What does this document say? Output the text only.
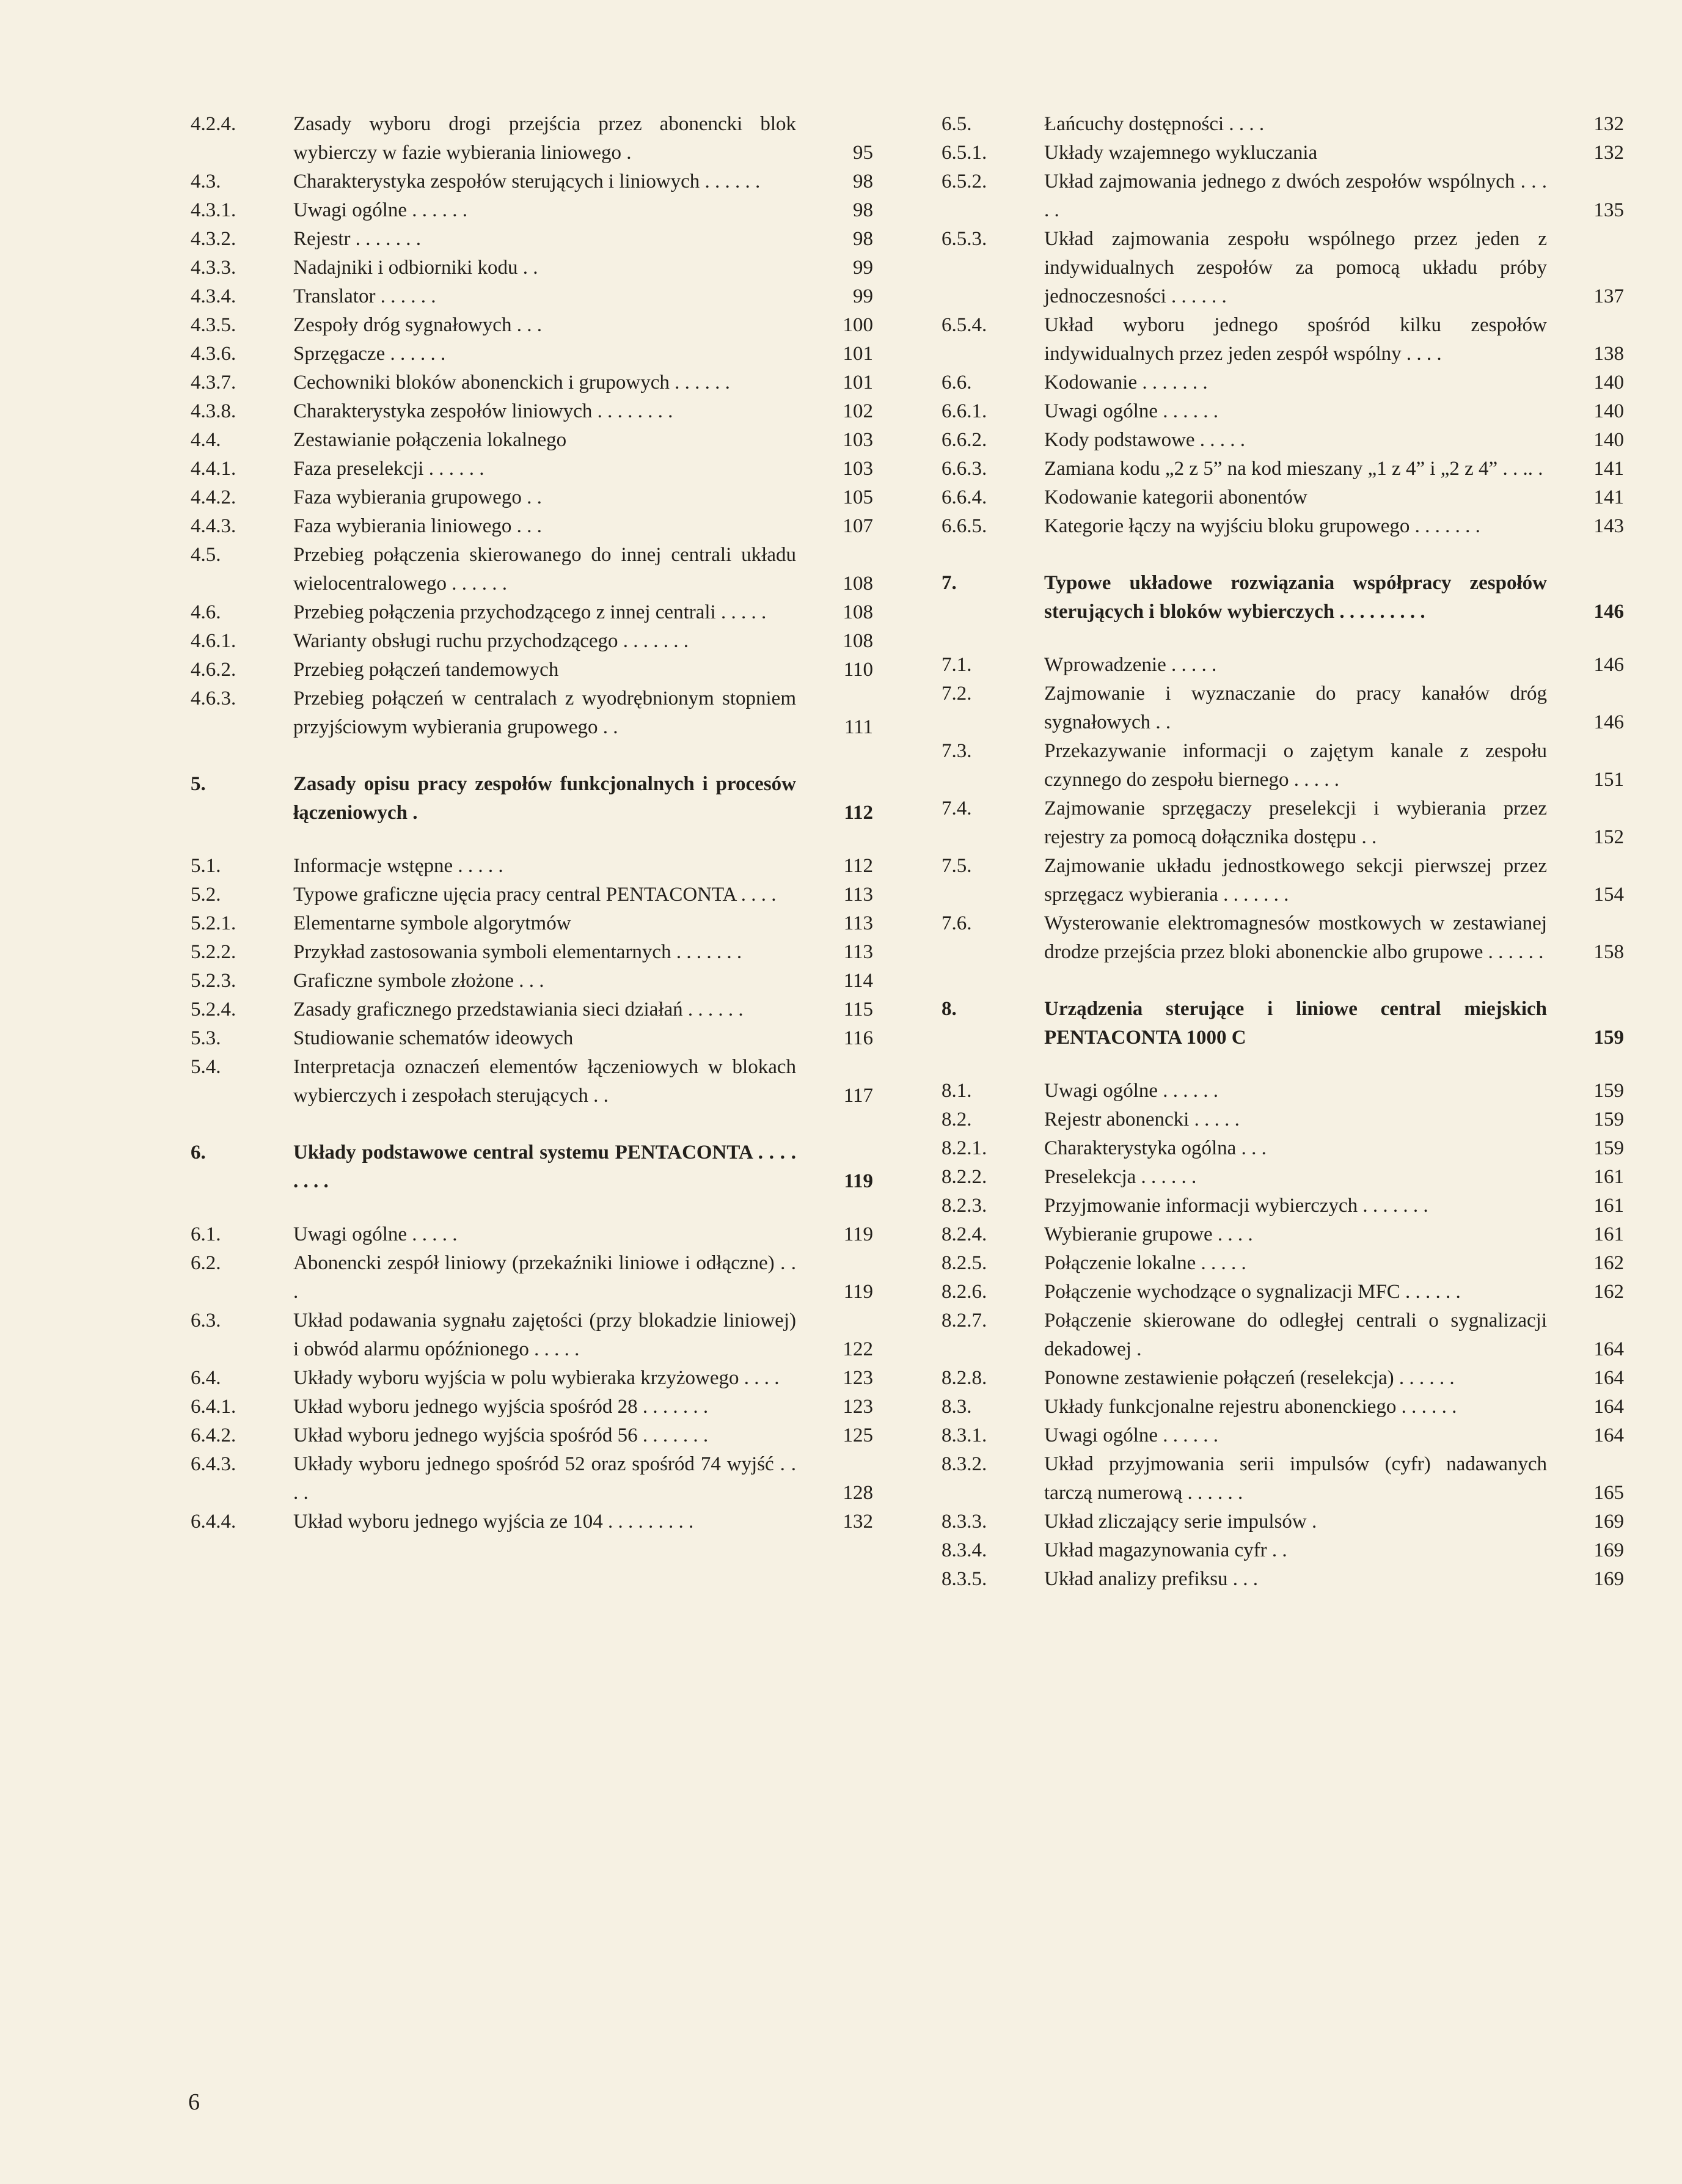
4.2.4.	Zasady wyboru drogi przejścia przez abonencki blok wybierczy w fazie wybierania liniowego .	95
4.3.	Charakterystyka zespołów sterujących i liniowych . . . . . .	98
4.3.1.	Uwagi ogólne . . . . . .	98
4.3.2.	Rejestr . . . . . . .	98
4.3.3.	Nadajniki i odbiorniki kodu . .	99
4.3.4.	Translator . . . . . .	99
4.3.5.	Zespoły dróg sygnałowych . . .	100
4.3.6.	Sprzęgacze . . . . . .	101
4.3.7.	Cechowniki bloków abonenckich i grupowych . . . . . .	101
4.3.8.	Charakterystyka zespołów liniowych . . . . . . . .	102
4.4.	Zestawianie połączenia lokalnego	103
4.4.1.	Faza preselekcji . . . . . .	103
4.4.2.	Faza wybierania grupowego . .	105
4.4.3.	Faza wybierania liniowego . . .	107
4.5.	Przebieg połączenia skierowanego do innej centrali układu wielocentralowego . . . . . .	108
4.6.	Przebieg połączenia przychodzącego z innej centrali . . . . .	108
4.6.1.	Warianty obsługi ruchu przychodzącego . . . . . . .	108
4.6.2.	Przebieg połączeń tandemowych	110
4.6.3.	Przebieg połączeń w centralach z wyodrębnionym stopniem przyjściowym wybierania grupowego . .	111
5.	Zasady opisu pracy zespołów funkcjonalnych i procesów łączeniowych .	112
5.1.	Informacje wstępne . . . . .	112
5.2.	Typowe graficzne ujęcia pracy central PENTACONTA . . . .	113
5.2.1.	Elementarne symbole algorytmów	113
5.2.2.	Przykład zastosowania symboli elementarnych . . . . . . .	113
5.2.3.	Graficzne symbole złożone . . .	114
5.2.4.	Zasady graficznego przedstawiania sieci działań . . . . . .	115
5.3.	Studiowanie schematów ideowych	116
5.4.	Interpretacja oznaczeń elementów łączeniowych w blokach wybierczych i zespołach sterujących . .	117
6.	Układy podstawowe central systemu PENTACONTA . . . . . . . .	119
6.1.	Uwagi ogólne . . . . .	119
6.2.	Abonencki zespół liniowy (przekaźniki liniowe i odłączne) . . .	119
6.3.	Układ podawania sygnału zajętości (przy blokadzie liniowej) i obwód alarmu opóźnionego . . . . .	122
6.4.	Układy wyboru wyjścia w polu wybieraka krzyżowego . . . .	123
6.4.1.	Układ wyboru jednego wyjścia spośród 28 . . . . . . .	123
6.4.2.	Układ wyboru jednego wyjścia spośród 56 . . . . . . .	125
6.4.3.	Układy wyboru jednego spośród 52 oraz spośród 74 wyjść . . . .	128
6.4.4.	Układ wyboru jednego wyjścia ze 104 . . . . . . . . .	132
6.5.	Łańcuchy dostępności . . . .	132
6.5.1.	Układy wzajemnego wykluczania	132
6.5.2.	Układ zajmowania jednego z dwóch zespołów wspólnych . . . . .	135
6.5.3.	Układ zajmowania zespołu wspólnego przez jeden z indywidualnych zespołów za pomocą układu próby jednoczesności . . . . . .	137
6.5.4.	Układ wyboru jednego spośród kilku zespołów indywidualnych przez jeden zespół wspólny . . . .	138
6.6.	Kodowanie . . . . . . .	140
6.6.1.	Uwagi ogólne . . . . . .	140
6.6.2.	Kody podstawowe . . . . .	140
6.6.3.	Zamiana kodu „2 z 5” na kod mieszany „1 z 4” i „2 z 4” . . .. .	141
6.6.4.	Kodowanie kategorii abonentów	141
6.6.5.	Kategorie łączy na wyjściu bloku grupowego . . . . . . .	143
7.	Typowe układowe rozwiązania współpracy zespołów sterujących i bloków wybierczych . . . . . . . . .	146
7.1.	Wprowadzenie . . . . .	146
7.2.	Zajmowanie i wyznaczanie do pracy kanałów dróg sygnałowych . .	146
7.3.	Przekazywanie informacji o zajętym kanale z zespołu czynnego do zespołu biernego . . . . .	151
7.4.	Zajmowanie sprzęgaczy preselekcji i wybierania przez rejestry za pomocą dołącznika dostępu . .	152
7.5.	Zajmowanie układu jednostkowego sekcji pierwszej przez sprzęgacz wybierania . . . . . . .	154
7.6.	Wysterowanie elektromagnesów mostkowych w zestawianej drodze przejścia przez bloki abonenckie albo grupowe . . . . . .	158
8.	Urządzenia sterujące i liniowe central miejskich PENTACONTA 1000 C	159
8.1.	Uwagi ogólne . . . . . .	159
8.2.	Rejestr abonencki . . . . .	159
8.2.1.	Charakterystyka ogólna . . .	159
8.2.2.	Preselekcja . . . . . .	161
8.2.3.	Przyjmowanie informacji wybierczych . . . . . . .	161
8.2.4.	Wybieranie grupowe . . . .	161
8.2.5.	Połączenie lokalne . . . . .	162
8.2.6.	Połączenie wychodzące o sygnalizacji MFC . . . . . .	162
8.2.7.	Połączenie skierowane do odległej centrali o sygnalizacji dekadowej .	164
8.2.8.	Ponowne zestawienie połączeń (reselekcja) . . . . . .	164
8.3.	Układy funkcjonalne rejestru abonenckiego . . . . . .	164
8.3.1.	Uwagi ogólne . . . . . .	164
8.3.2.	Układ przyjmowania serii impulsów (cyfr) nadawanych tarczą numerową . . . . . .	165
8.3.3.	Układ zliczający serie impulsów .	169
8.3.4.	Układ magazynowania cyfr . .	169
8.3.5.	Układ analizy prefiksu . . .	169
6
